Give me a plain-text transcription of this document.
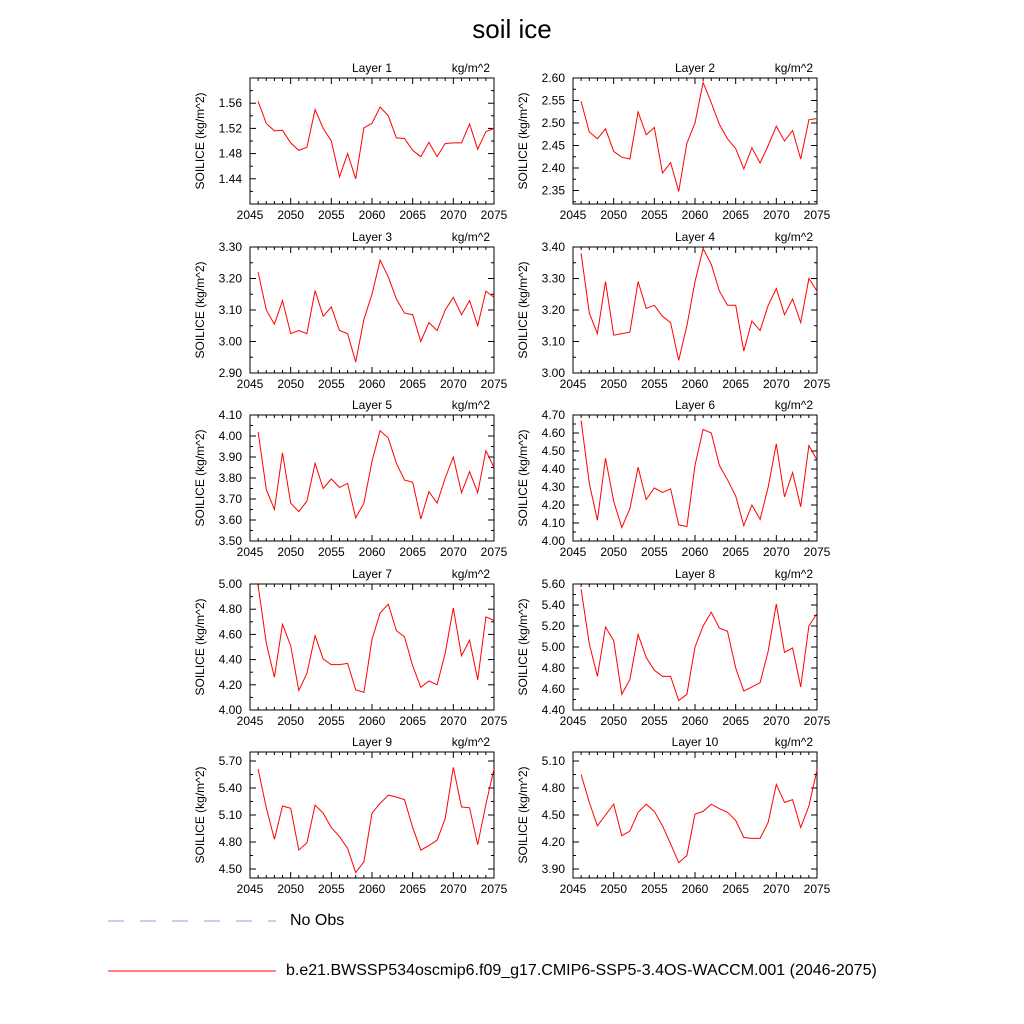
soil ice
2045 2050 2055 2060 2065 2070 2075
1.44
1.48
1.52
1.56
SOILICE (kg/m^2)
Layer 1	kg/m^2
2045 2050 2055 2060 2065 2070 2075
2.35
2.40
2.45
2.50
2.55
2.60
SOILICE (kg/m^2)
Layer 2	kg/m^2
2045 2050 2055 2060 2065 2070 2075
2.90
3.00
3.10
3.20
3.30
SOILICE (kg/m^2)
Layer 3	kg/m^2
2045 2050 2055 2060 2065 2070 2075
3.00
3.10
3.20
3.30
3.40
SOILICE (kg/m^2)
Layer 4	kg/m^2
2045 2050 2055 2060 2065 2070 2075
3.50
3.60
3.70
3.80
3.90
4.00
4.10
SOILICE (kg/m^2)
Layer 5	kg/m^2
2045 2050 2055 2060 2065 2070 2075
4.00
4.10
4.20
4.30
4.40
4.50
4.60
4.70
SOILICE (kg/m^2)
Layer 6	kg/m^2
2045 2050 2055 2060 2065 2070 2075
4.00
4.20
4.40
4.60
4.80
5.00
SOILICE (kg/m^2)
Layer 7	kg/m^2
2045 2050 2055 2060 2065 2070 2075
4.40
4.60
4.80
5.00
5.20
5.40
5.60
SOILICE (kg/m^2)
Layer 8	kg/m^2
2045 2050 2055 2060 2065 2070 2075
4.50
4.80
5.10
5.40
5.70
SOILICE (kg/m^2)
Layer 9	kg/m^2
2045 2050 2055 2060 2065 2070 2075
3.90
4.20
4.50
4.80
5.10
SOILICE (kg/m^2)
Layer 10	kg/m^2
No Obs
b.e21.BWSSP534oscmip6.f09_g17.CMIP6-SSP5-3.4OS-WACCM.001 (2046-2075)
